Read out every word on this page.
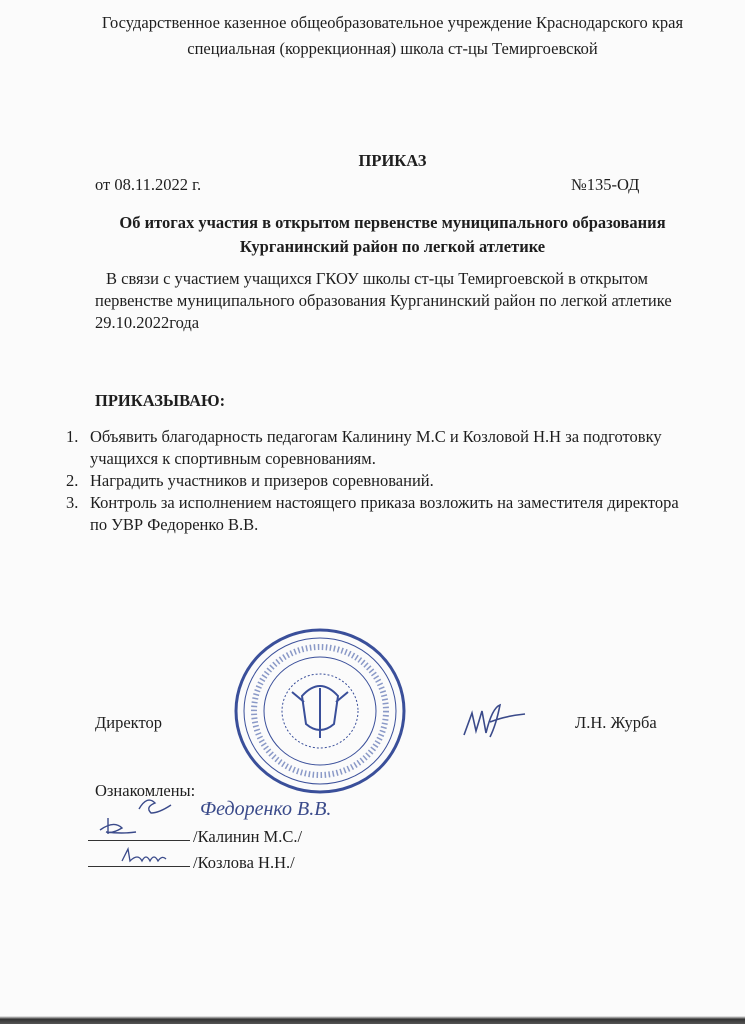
Государственное казенное общеобразовательное учреждение Краснодарского края
специальная (коррекционная) школа ст-цы Темиргоевской
ПРИКАЗ
от 08.11.2022 г.	№135-ОД
Об итогах участия в открытом первенстве муниципального образования
Курганинский район по легкой атлетике
В связи с участием учащихся ГКОУ школы ст-цы Темиргоевской в открытом
первенстве муниципального образования Курганинский район по легкой атлетике
29.10.2022года
ПРИКАЗЫВАЮ:
1. Объявить благодарность педагогам Калинину М.С и Козловой Н.Н за подготовку
учащихся к спортивным соревнованиям.
2. Наградить участников и призеров соревнований.
3. Контроль за исполнением настоящего приказа возложить на заместителя директора
по УВР Федоренко В.В.
Директор	Л.Н. Журба
Ознакомлены:
Федоренко В.В.
/Калинин М.С./
/Козлова Н.Н./
